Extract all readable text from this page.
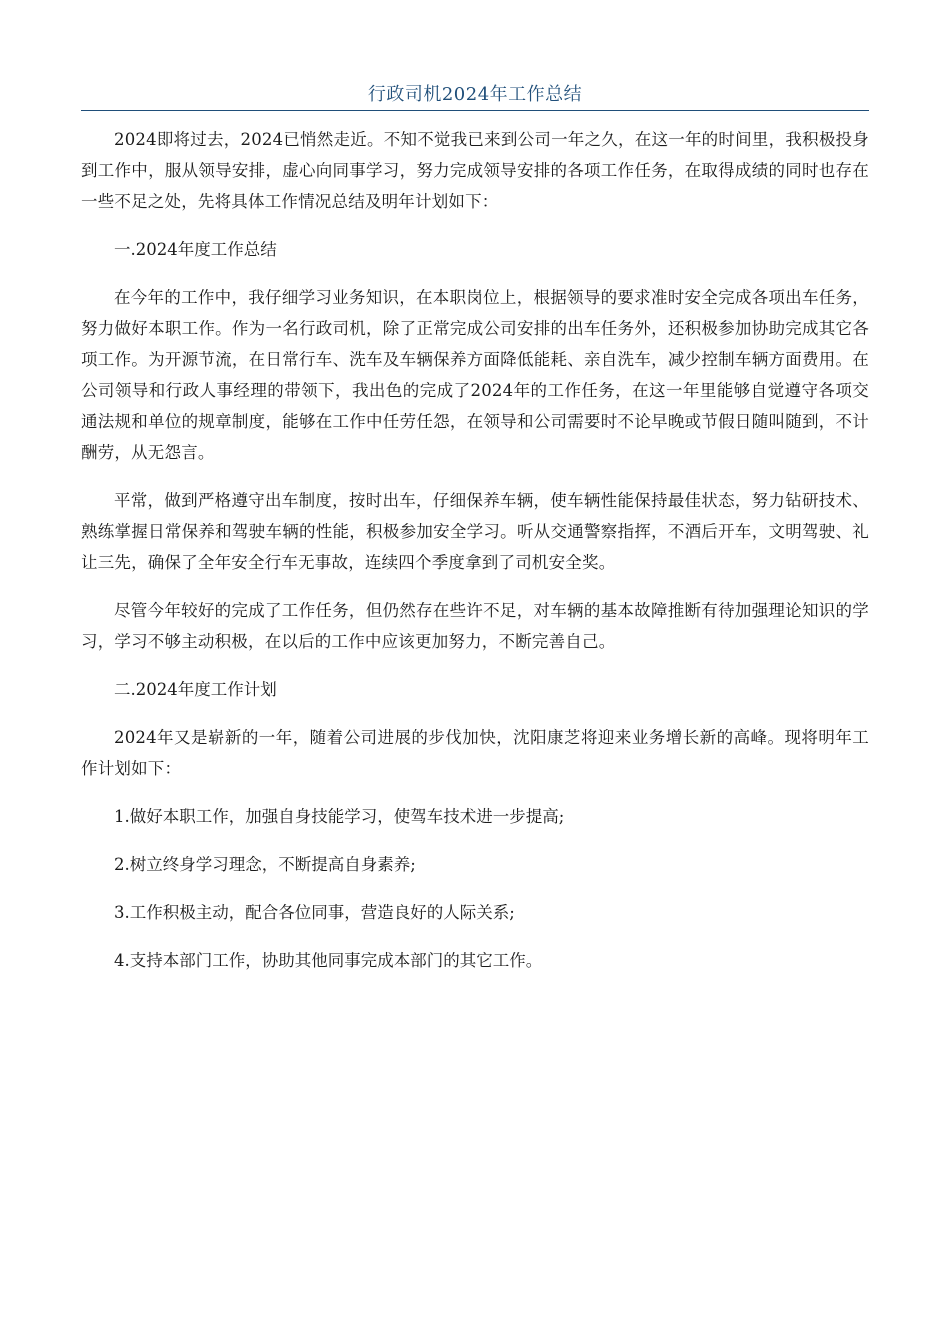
行政司机2024年工作总结

2024即将过去，2024已悄然走近。不知不觉我已来到公司一年之久，在这一年的时间里，我积极投身到工作中，服从领导安排，虚心向同事学习，努力完成领导安排的各项工作任务，在取得成绩的同时也存在一些不足之处，先将具体工作情况总结及明年计划如下：

一.2024年度工作总结

在今年的工作中，我仔细学习业务知识，在本职岗位上，根据领导的要求准时安全完成各项出车任务，努力做好本职工作。作为一名行政司机，除了正常完成公司安排的出车任务外，还积极参加协助完成其它各项工作。为开源节流，在日常行车、洗车及车辆保养方面降低能耗、亲自洗车，减少控制车辆方面费用。在公司领导和行政人事经理的带领下，我出色的完成了2024年的工作任务，在这一年里能够自觉遵守各项交通法规和单位的规章制度，能够在工作中任劳任怨，在领导和公司需要时不论早晚或节假日随叫随到，不计酬劳，从无怨言。

平常，做到严格遵守出车制度，按时出车，仔细保养车辆，使车辆性能保持最佳状态，努力钻研技术、熟练掌握日常保养和驾驶车辆的性能，积极参加安全学习。听从交通警察指挥，不酒后开车，文明驾驶、礼让三先，确保了全年安全行车无事故，连续四个季度拿到了司机安全奖。

尽管今年较好的完成了工作任务，但仍然存在些许不足，对车辆的基本故障推断有待加强理论知识的学习，学习不够主动积极，在以后的工作中应该更加努力，不断完善自己。

二.2024年度工作计划

2024年又是崭新的一年，随着公司进展的步伐加快，沈阳康芝将迎来业务增长新的高峰。现将明年工作计划如下：

1.做好本职工作，加强自身技能学习，使驾车技术进一步提高;

2.树立终身学习理念，不断提高自身素养;

3.工作积极主动，配合各位同事，营造良好的人际关系;

4.支持本部门工作，协助其他同事完成本部门的其它工作。
